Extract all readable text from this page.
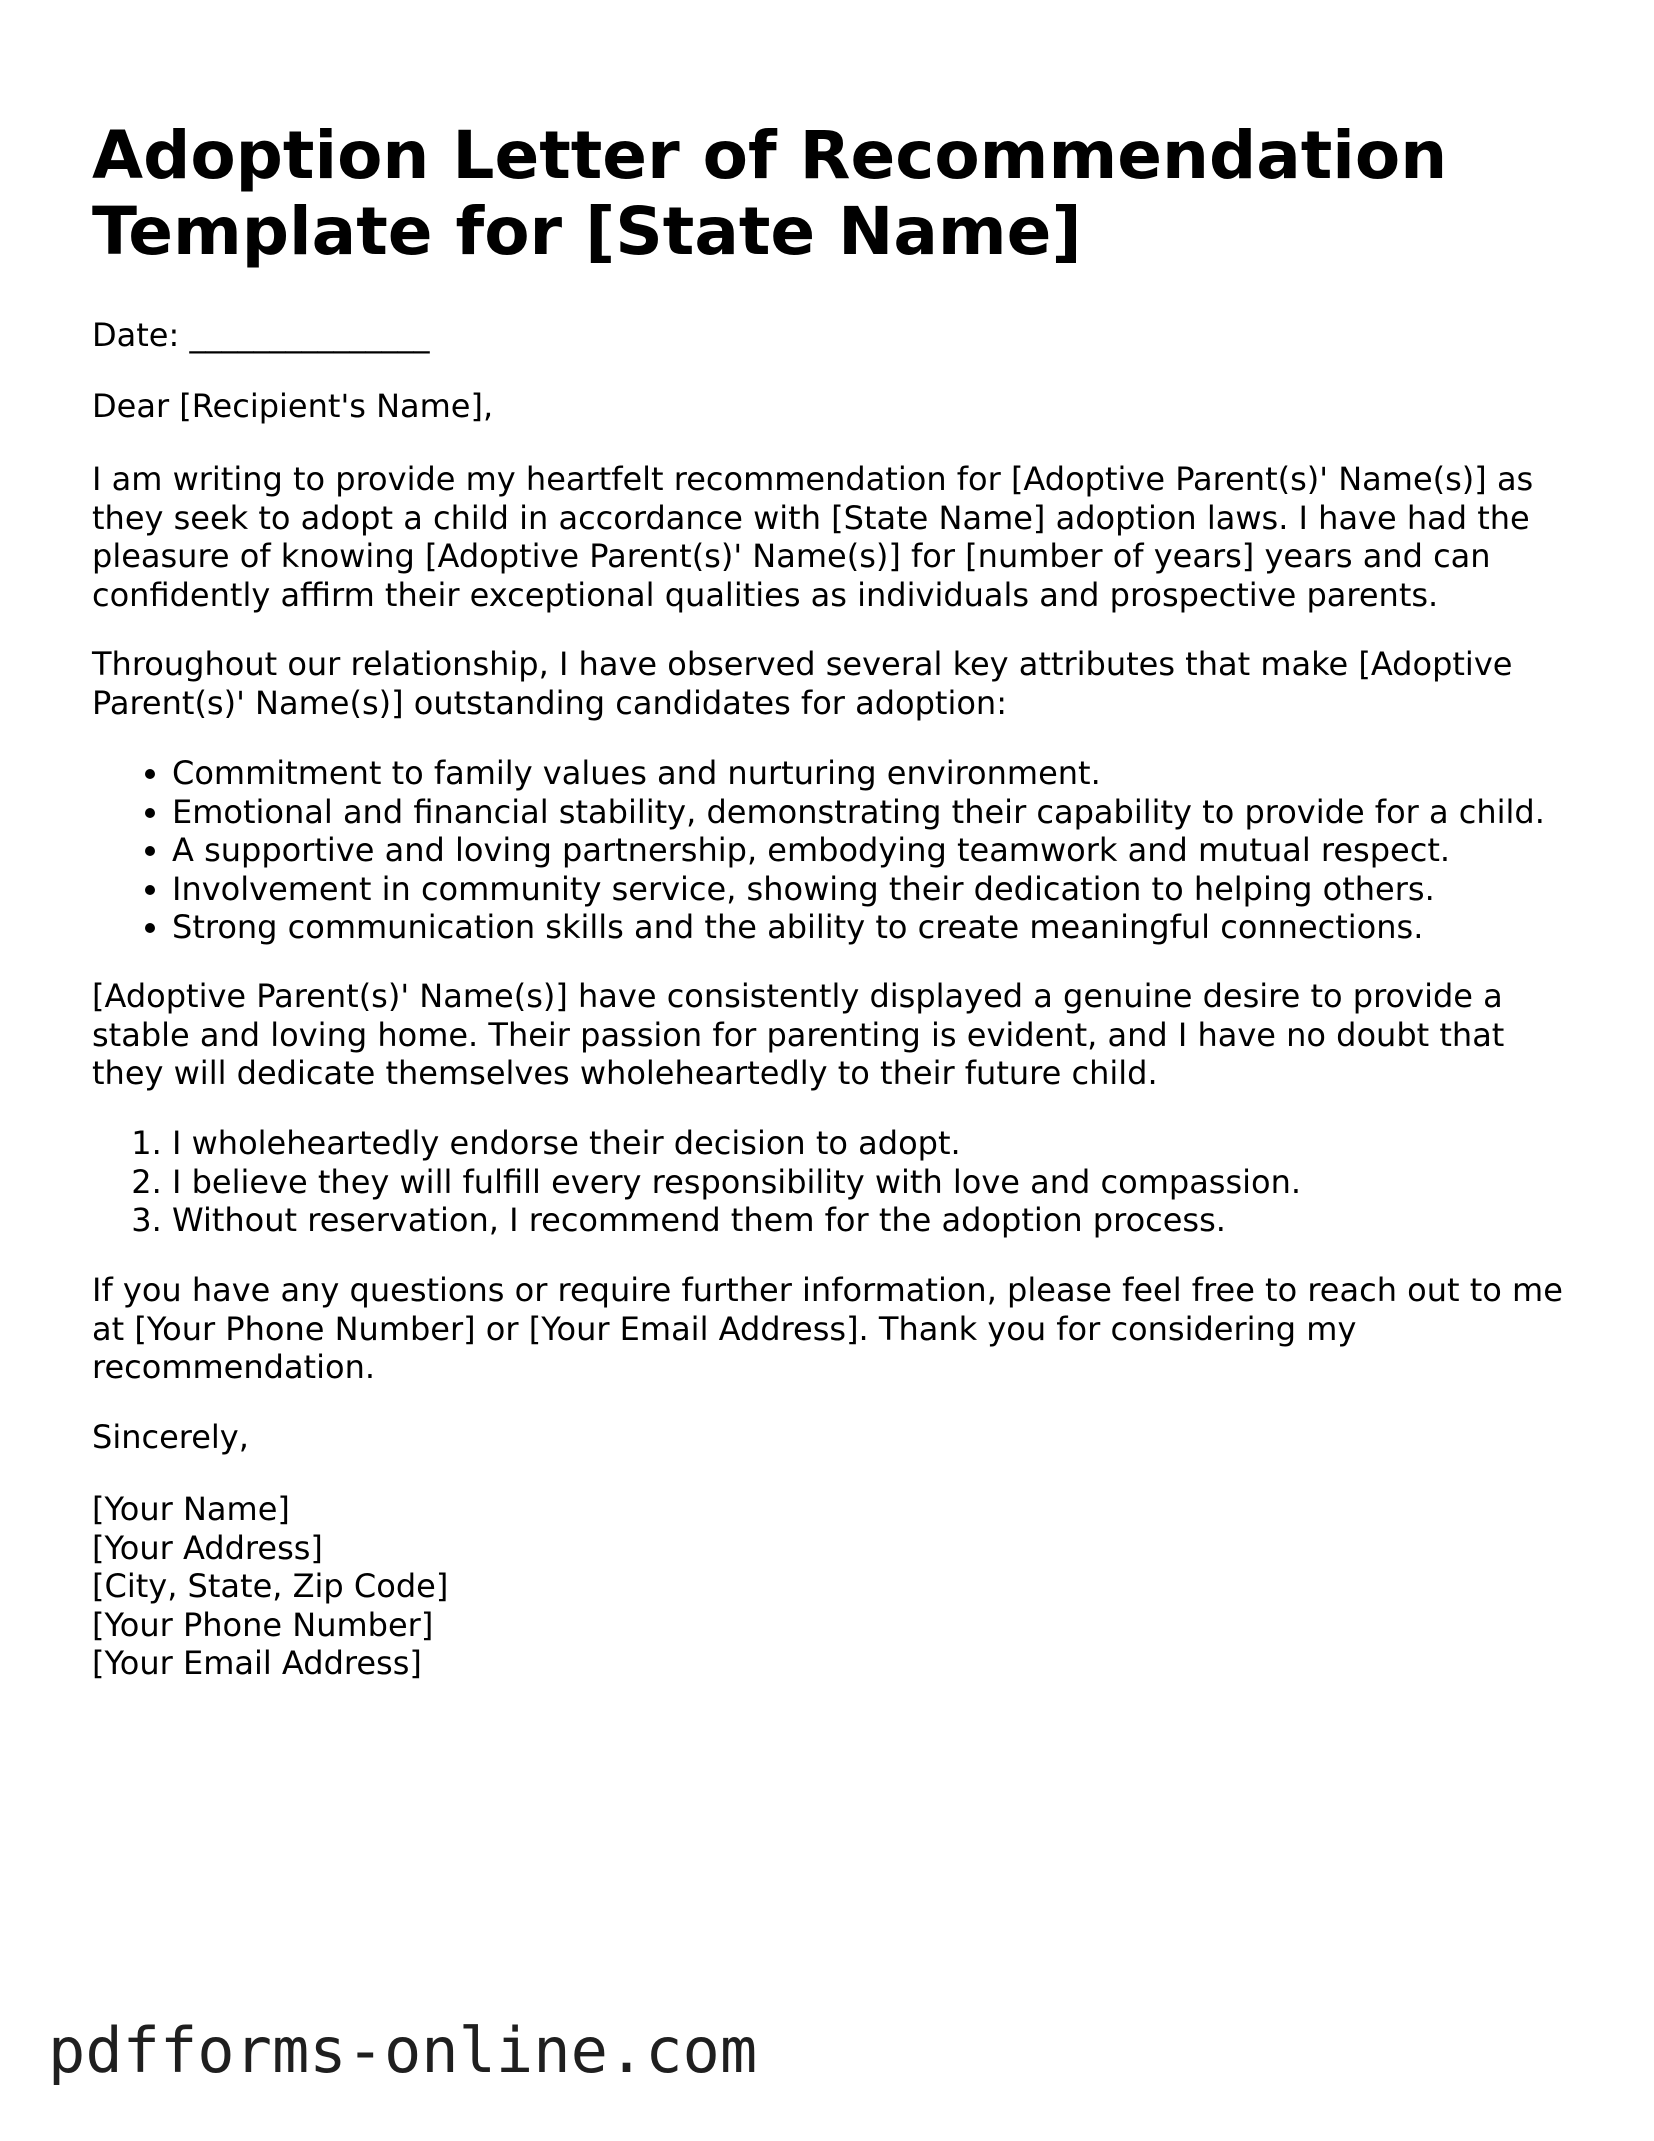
Adoption Letter of Recommendation Template for [State Name]

Date: _______________

Dear [Recipient's Name],

I am writing to provide my heartfelt recommendation for [Adoptive Parent(s)' Name(s)] as they seek to adopt a child in accordance with [State Name] adoption laws. I have had the pleasure of knowing [Adoptive Parent(s)' Name(s)] for [number of years] years and can confidently affirm their exceptional qualities as individuals and prospective parents.

Throughout our relationship, I have observed several key attributes that make [Adoptive Parent(s)' Name(s)] outstanding candidates for adoption:

• Commitment to family values and nurturing environment.
• Emotional and financial stability, demonstrating their capability to provide for a child.
• A supportive and loving partnership, embodying teamwork and mutual respect.
• Involvement in community service, showing their dedication to helping others.
• Strong communication skills and the ability to create meaningful connections.

[Adoptive Parent(s)' Name(s)] have consistently displayed a genuine desire to provide a stable and loving home. Their passion for parenting is evident, and I have no doubt that they will dedicate themselves wholeheartedly to their future child.

1. I wholeheartedly endorse their decision to adopt.
2. I believe they will fulfill every responsibility with love and compassion.
3. Without reservation, I recommend them for the adoption process.

If you have any questions or require further information, please feel free to reach out to me at [Your Phone Number] or [Your Email Address]. Thank you for considering my recommendation.

Sincerely,

[Your Name]
[Your Address]
[City, State, Zip Code]
[Your Phone Number]
[Your Email Address]
pdfforms-online.com
